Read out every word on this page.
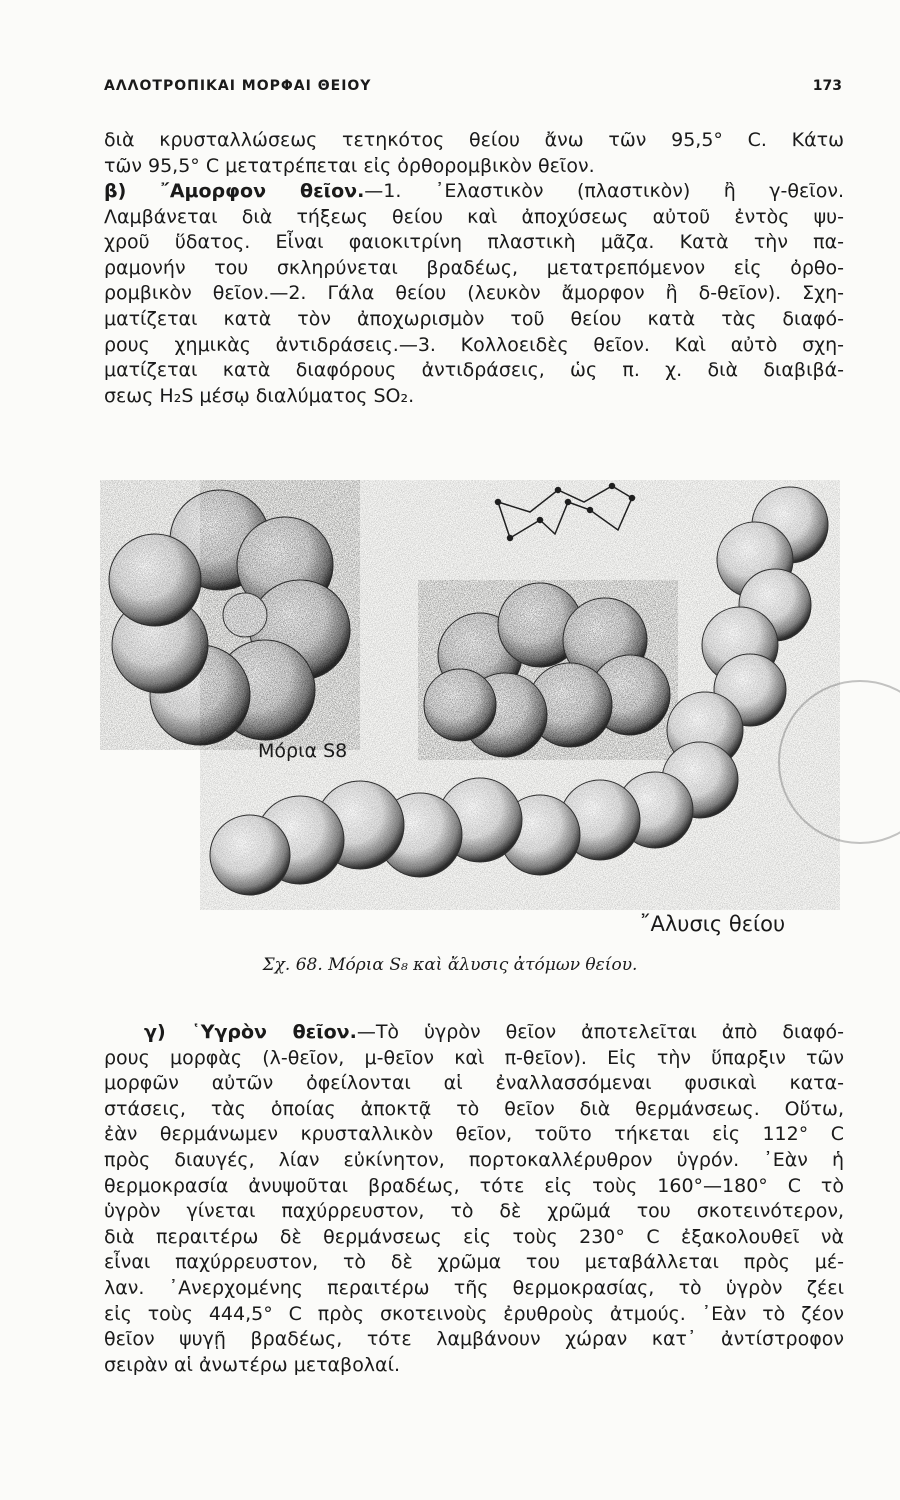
ΑΛΛΟΤΡΟΠΙΚΑΙ ΜΟΡΦΑΙ ΘΕΙΟΥ	173
διὰ κρυσταλλώσεως τετηκότος θείου ἄνω τῶν 95,5° C. Κάτω
τῶν 95,5° C μετατρέπεται εἰς ὀρθορομβικὸν θεῖον.
β) ῎Αμορφον θεῖον.—1. ᾿Ελαστικὸν (πλαστικὸν) ἢ γ-θεῖον.
Λαμβάνεται διὰ τήξεως θείου καὶ ἀποχύσεως αὐτοῦ ἐντὸς ψυ-
χροῦ ὕδατος. Εἶναι φαιοκιτρίνη πλαστικὴ μᾶζα. Κατὰ τὴν πα-
ραμονήν του σκληρύνεται βραδέως, μετατρεπόμενον εἰς ὀρθο-
ρομβικὸν θεῖον.—2. Γάλα θείου (λευκὸν ἄμορφον ἢ δ-θεῖον). Σχη-
ματίζεται κατὰ τὸν ἀποχωρισμὸν τοῦ θείου κατὰ τὰς διαφό-
ρους χημικὰς ἀντιδράσεις.—3. Κολλοειδὲς θεῖον. Καὶ αὐτὸ σχη-
ματίζεται κατὰ διαφόρους ἀντιδράσεις, ὡς π. χ. διὰ διαβιβά-
σεως H₂S μέσῳ διαλύματος SO₂.
Μόρια S8
῎Αλυσις θείου
Σχ. 68. Μόρια S₈ καὶ ἄλυσις ἀτόμων θείου.
γ) ῾Υγρὸν θεῖον.—Τὸ ὑγρὸν θεῖον ἀποτελεῖται ἀπὸ διαφό-
ρους μορφὰς (λ-θεῖον, μ-θεῖον καὶ π-θεῖον). Εἰς τὴν ὕπαρξιν τῶν
μορφῶν αὐτῶν ὀφείλονται αἱ ἐναλλασσόμεναι φυσικαὶ κατα-
στάσεις, τὰς ὁποίας ἀποκτᾷ τὸ θεῖον διὰ θερμάνσεως. Οὕτω,
ἐὰν θερμάνωμεν κρυσταλλικὸν θεῖον, τοῦτο τήκεται εἰς 112° C
πρὸς διαυγές, λίαν εὐκίνητον, πορτοκαλλέρυθρον ὑγρόν. ᾿Εὰν ἡ
θερμοκρασία ἀνυψοῦται βραδέως, τότε εἰς τοὺς 160°—180° C τὸ
ὑγρὸν γίνεται παχύρρευστον, τὸ δὲ χρῶμά του σκοτεινότερον,
διὰ περαιτέρω δὲ θερμάνσεως εἰς τοὺς 230° C ἐξακολουθεῖ νὰ
εἶναι παχύρρευστον, τὸ δὲ χρῶμα του μεταβάλλεται πρὸς μέ-
λαν. ᾿Ανερχομένης περαιτέρω τῆς θερμοκρασίας, τὸ ὑγρὸν ζέει
εἰς τοὺς 444,5° C πρὸς σκοτεινοὺς ἐρυθροὺς ἀτμούς. ᾿Εὰν τὸ ζέον
θεῖον ψυγῇ βραδέως, τότε λαμβάνουν χώραν κατ᾿ ἀντίστροφον
σειρὰν αἱ ἀνωτέρω μεταβολαί.
